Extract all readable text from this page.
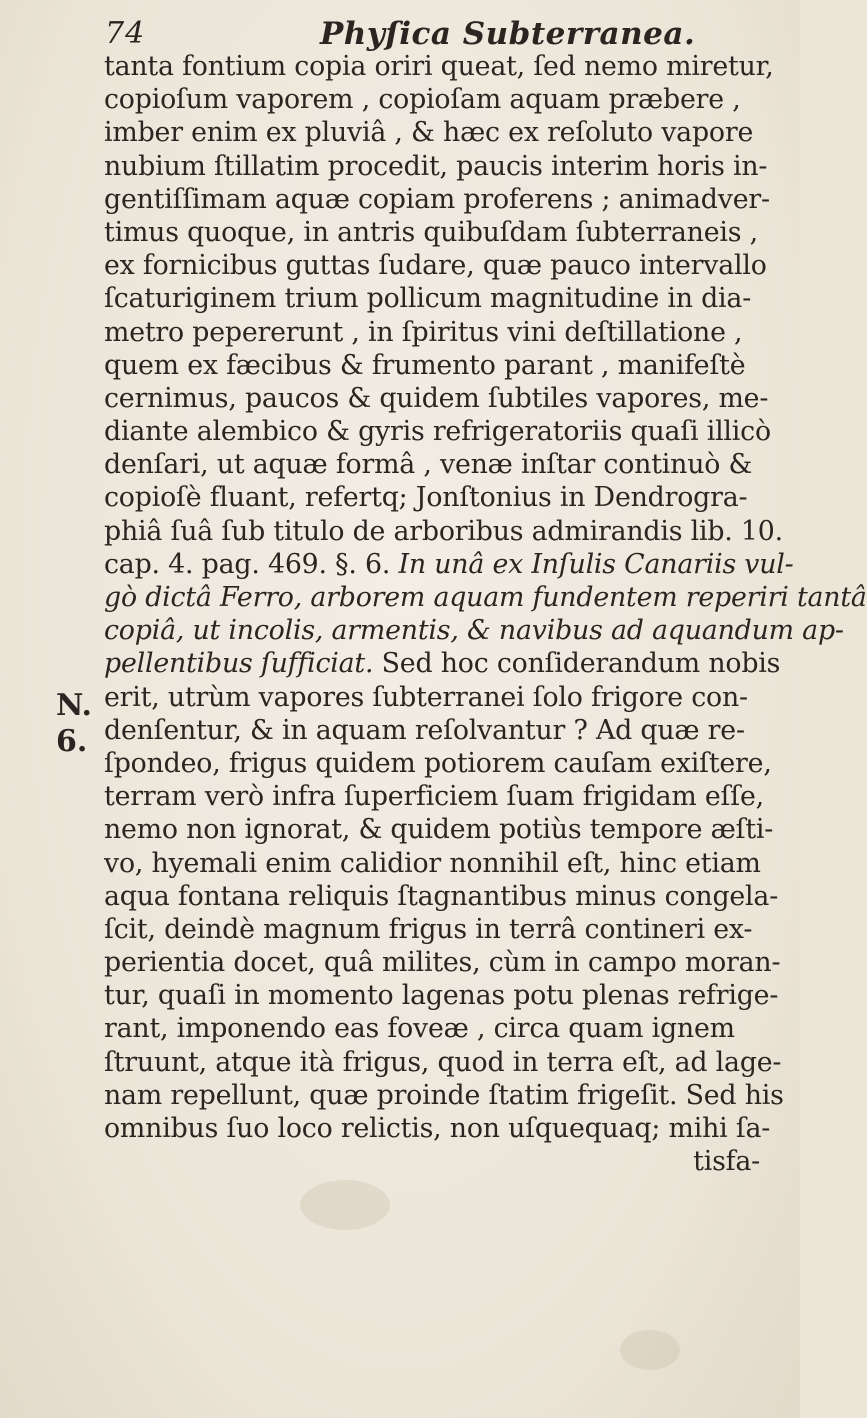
74	Phyſica Subterranea.
N.
6.
tanta fontium copia oriri queat, ſed nemo miretur,
copioſum vaporem , copioſam aquam præbere ,
imber enim ex pluviâ , & hæc ex reſoluto vapore
nubium ſtillatim procedit, paucis interim horis in-
gentiſſimam aquæ copiam proferens ; animadver-
timus quoque, in antris quibuſdam ſubterraneis ,
ex fornicibus guttas ſudare, quæ pauco intervallo
ſcaturiginem trium pollicum magnitudine in dia-
metro pepererunt , in ſpiritus vini deſtillatione ,
quem ex fæcibus & frumento parant , manifeſtè
cernimus, paucos & quidem ſubtiles vapores, me-
diante alembico & gyris refrigeratoriis quaſi illicò
denſari, ut aquæ formâ , venæ inſtar continuò &
copioſè fluant, refertq; Jonſtonius in Dendrogra-
phiâ ſuâ ſub titulo de arboribus admirandis lib. 10.
cap. 4. pag. 469. §. 6. In unâ ex Inſulis Canariis vul-
gò dictâ Ferro, arborem aquam fundentem reperiri tantâ
copiâ, ut incolis, armentis, & navibus ad aquandum ap-
pellentibus ſufficiat. Sed hoc conſiderandum nobis
erit, utrùm vapores ſubterranei ſolo frigore con-
denſentur, & in aquam reſolvantur ? Ad quæ re-
ſpondeo, frigus quidem potiorem cauſam exiſtere,
terram verò infra ſuperficiem ſuam frigidam eſſe,
nemo non ignorat, & quidem potiùs tempore æſti-
vo, hyemali enim calidior nonnihil eſt, hinc etiam
aqua fontana reliquis ſtagnantibus minus congela-
ſcit, deindè magnum frigus in terrâ contineri ex-
perientia docet, quâ milites, cùm in campo moran-
tur, quaſi in momento lagenas potu plenas refrige-
rant, imponendo eas foveæ , circa quam ignem
ſtruunt, atque ità frigus, quod in terra eſt, ad lage-
nam repellunt, quæ proinde ſtatim frigeſit. Sed his
omnibus ſuo loco relictis, non uſquequaq; mihi ſa-
tisfa-
